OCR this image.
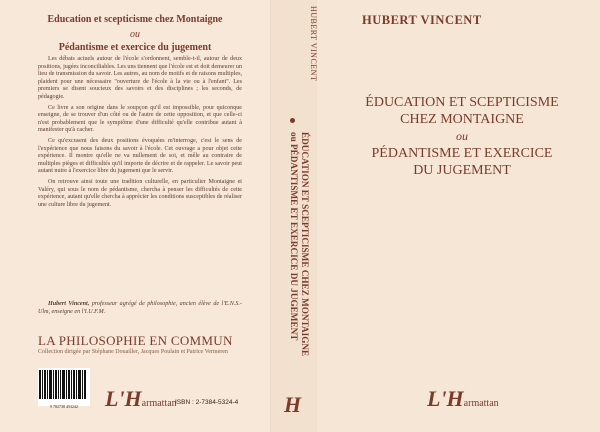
Education et scepticisme chez Montaigne
ou
Pédantisme et exercice du jugement

Les débats actuels autour de l'école s'ordonnent, semble-t-il, autour de deux positions, jugées inconciliables. Les uns tiennent que l'école est et doit demeurer un lieu de transmission du savoir. Les autres, au nom de motifs et de raisons multiples, plaident pour une nécessaire "ouverture de l'école à la vie ou à l'enfant". Les premiers se disent soucieux des savoirs et des disciplines ; les seconds, de pédagogie.

Ce livre a son origine dans le soupçon qu'il est impossible, pour quiconque enseigne, de se trouver d'un côté ou de l'autre de cette opposition, et que celle-ci n'est probablement que le symptôme d'une difficulté qu'elle contribue autant à manifester qu'à cacher.

Ce qu'excusent des deux positions évoquées m'interroge, c'est le sens de l'expérience que nous faisons du savoir à l'école. Cet ouvrage a pour objet cette expérience. Il montre qu'elle ne va nullement de soi, et mêle au contraire de multiples pièges et difficultés qu'il importe de décrire et de rappeler. Le savoir peut autant nuire à l'exercice libre du jugement que le servir.

On retrouve ainsi toute une tradition culturelle, en particulier Montaigne et Valéry, qui sous le nom de pédantisme, chercha à penser les difficultés de cette expérience, autant qu'elle chercha à apprécier les conditions susceptibles de réaliser une culture libre du jugement.

Hubert Vincent, professeur agrégé de philosophie, ancien élève de l'E.N.S.-Ulm, enseigne en l'I.U.F.M.
LA PHILOSOPHIE EN COMMUN
Collection dirigée par Stéphane Douailler, Jacques Poulain et Patrice Vermeren
9 782738 453242	L'Harmattan
ISBN : 2-7384-5324-4
HUBERT VINCENT
ÉDUCATION ET SCEPTICISME CHEZ MONTAIGNE
ou PÉDANTISME ET EXERCICE DU JUGEMENT
H
HUBERT VINCENT
ÉDUCATION ET SCEPTICISME
CHEZ MONTAIGNE
ou
PÉDANTISME ET EXERCICE
DU JUGEMENT
L'Harmattan
